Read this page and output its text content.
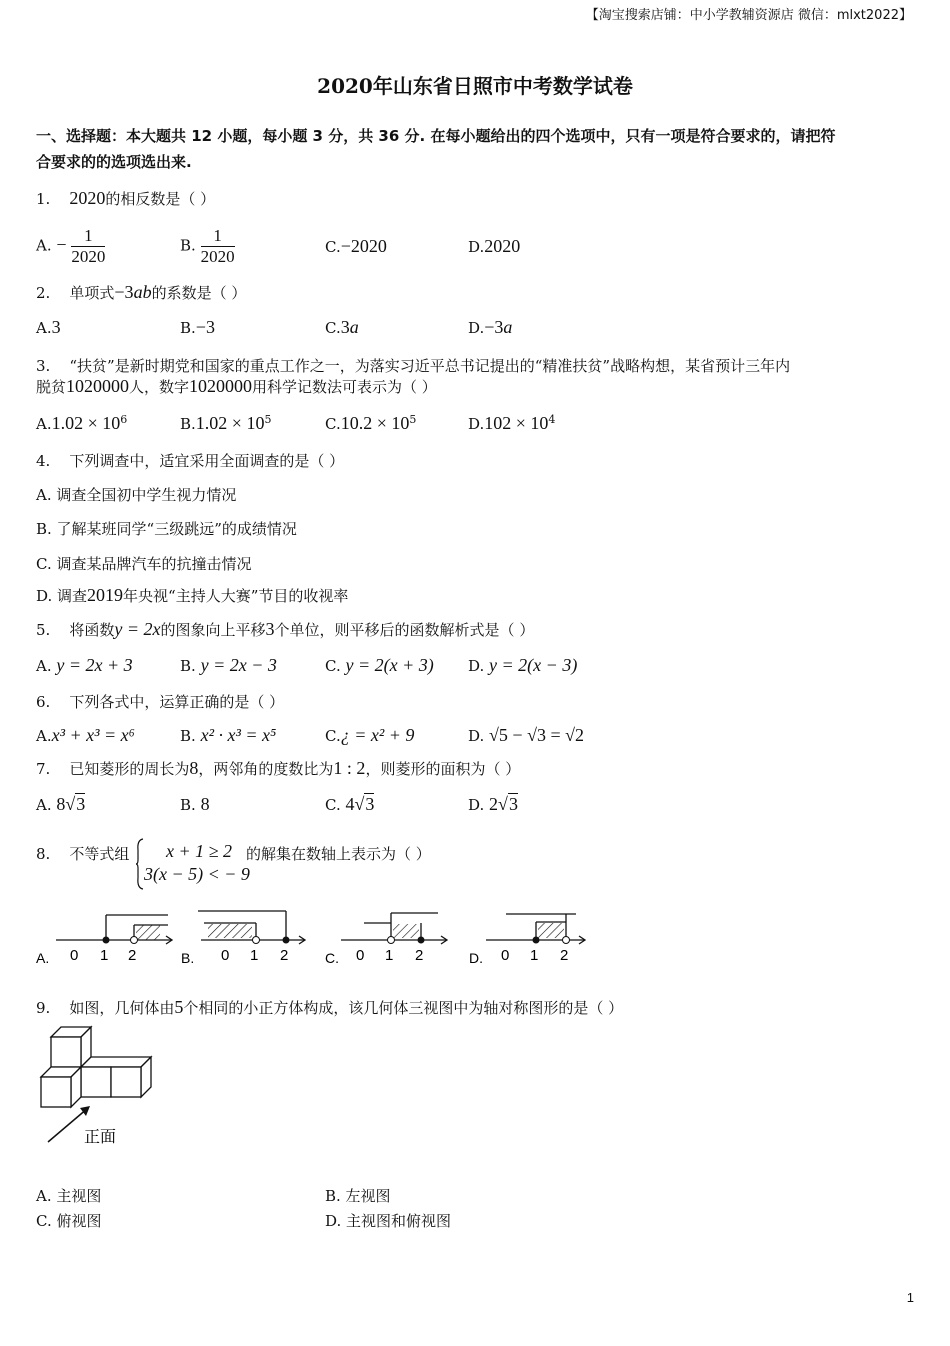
【淘宝搜索店铺：中小学教辅资源店 微信：mlxt2022】
2020年山东省日照市中考数学试卷
一、选择题：本大题共 12 小题，每小题 3 分，共 36 分. 在每小题给出的四个选项中，只有一项是符合要求的，请把符
合要求的的选项选出来.
1. 2020的相反数是（ ）
A. − $\frac{1}{2020}$	B. $\frac{1}{2020}$	C.−2020	D.2020
2. 单项式−3ab的系数是（ ）
A.3	B.−3	C.3a	D.−3a
3. “扶贫”是新时期党和国家的重点工作之一，为落实习近平总书记提出的“精准扶贫”战略构想，某省预计三年内
脱贫1020000人，数字1020000用科学记数法可表示为（ ）
$A.1.02 \times 10^6$	$B.1.02 \times 10^5$	$C.10.2 \times 10^5$	$D.102 \times 10^4$
4. 下列调查中，适宜采用全面调查的是（ ）
A. 调查全国初中学生视力情况
B. 了解某班同学“三级跳远”的成绩情况
C. 调查某品牌汽车的抗撞击情况
D. 调查2019年央视“主持人大赛”节目的收视率
5. 将函数y = 2x的图象向上平移3个单位，则平移后的函数解析式是（ ）
A. y = 2x + 3	B. y = 2x − 3	C. y = 2(x + 3) D. y = 2(x − 3)
6. 下列各式中，运算正确的是（ ）
A.x³ + x³ = x⁶	B. x² · x³ = x⁵	C.¿ = x² + 9	D. √5 − √3 = √2
7. 已知菱形的周长为8，两邻角的度数比为1 : 2，则菱形的面积为（ ）
A. 8√3	B. 8	C. 4√3	D. 2√3
8. 不等式组 x + 1 ≥ 2
3(x − 5) < − 9
的解集在数轴上表示为（ ）
A. 0 1 2	B. 0 1 2	C. 0 1 2	D. 0 1 2
9. 如图，几何体由5个相同的小正方体构成，该几何体三视图中为轴对称图形的是（ ）
正面
A. 主视图	B. 左视图
C. 俯视图	D. 主视图和俯视图
1
